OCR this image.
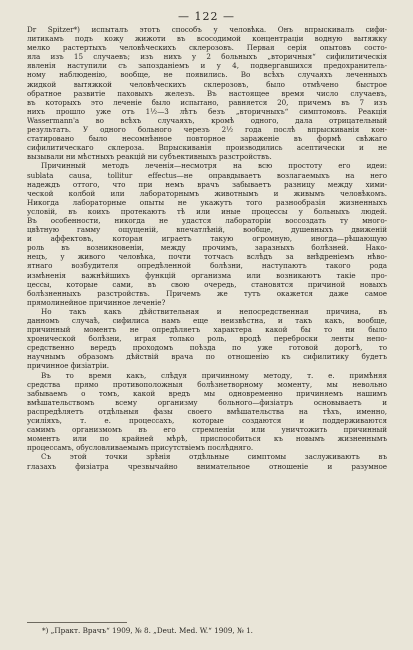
— 122 —
Dr Spitzer*) испыталъ этотъ способъ у человѣка. Онъ впрыскивалъ сифи-
литикамъ подъ кожу жижоти въ всосодимой концентраціи водную вытяжку
мелко растертыхъ человѣческихъ склерозовъ. Первая серія опытовъ состо-
яла изъ 15 случаевъ; изъ нихъ у 2 больныхъ „вторичныя“ сифилитическія
явленія наступили съ запозданіемъ и у 4, подвергавшихся предохранитель-
ному наблюденію, вообще, не появились. Во всѣхъ случаяхъ леченныхъ
жидкой вытяжкой человѣческихъ склерозовъ, было отмѣчено быстрое
обратное развитіе паховыхъ железъ. Въ настоящее время число случаевъ,
въ которыхъ это леченіе было испытано, равняется 20, причемъ въ 7 изъ
нихъ прошло уже отъ 1½—3 лѣтъ безъ „вторичныхъ“ симптомовъ. Реакція
Wassermann'а во всѣхъ случаяхъ, кромѣ одного, дала отрицательный
результатъ. У одного больного черезъ 2½ года послѣ впрыскиванія кон-
статировано было несомнѣнное повторное зараженіе въ формѣ свѣжаго
сифилитическаго склероза. Впрыскиванія производились асептически и не
вызывали ни мѣстныхъ реакцій ни субъективныхъ разстройствъ.
Причинный методъ леченія—несмотря на всю простоту его идеи:
sublata causa, tollitur effectus—не оправдываетъ возлагаемыхъ на него
надеждъ оттого, что при немъ врачъ забываетъ разницу между хими-
ческой колбой или лабораторнымъ животнымъ и живымъ человѣкомъ.
Никогда лабораторные опыты не укажутъ того разнообразія жизненныхъ
условій, въ коихъ протекаютъ тѣ или иные процессы у больныхъ людей.
Въ особенности, никогда не удастся лабораторіи воссоздать ту много-
цвѣтную гамму ощущеній, впечатлѣній, вообще, душевныхъ движеній
и аффектовъ, которая играетъ такую огромную, иногда—рѣшающую
роль въ возникновеніи, между прочимъ, заразныхъ болѣзней. Нако-
нецъ, у живого человѣка, почти тотчасъ вслѣдъ за внѣдреніемъ нѣво-
ятнаго возбудителя опредѣленной болѣзни, наступаютъ такого рода
измѣненія важнѣйшихъ функцій организма или возникаютъ такіе про-
цессы, которые сами, въ свою очередь, становятся причиной новыхъ
болѣзненныхъ разстройствъ. Причемъ же тутъ окажется даже самое
прямолинейное причинное леченіе?
Но такъ какъ дѣйствительная и непосредственная причина, въ
данномъ случаѣ, сифилиса намъ еще неизвѣстна, и такъ какъ, вообще,
причинный моментъ не опредѣляетъ характера какой бы то ни было
хронической болѣзни, играя только роль, вродѣ переброски ленты непо-
средственно вередъ проходомъ поѣзда по уже готовой дорогѣ, то
научнымъ образомъ дѣйствій врача по отношенію къ сифилитику будетъ
причинное физіатріи.
Въ то время какъ, слѣдуя причинному методу, т. е. примѣняя
средства прямо противоположныя болѣзнетворному моменту, мы невольно
забываемъ о томъ, какой вредъ мы одновременно причиняемъ нашимъ
вмѣшательствомъ всему организму больного—физіатръ основываетъ и
распредѣляетъ отдѣльныя фазы своего вмѣшательства на тѣхъ, именно,
усиліяхъ, т. е. процессахъ, которые создаются и поддерживаются
самимъ организмомъ въ его стремленіи или уничтожить причинный
моментъ или по крайней мѣрѣ, приспособиться къ новымъ жизненнымъ
процессамъ, обусловливаемымъ присутствіемъ послѣдняго.
Съ этой точки зрѣнія отдѣльные симптомы заслуживаютъ въ
глазахъ физіатра чрезвычайно внимательное отношеніе и разумное
*) „Практ. Врачъ“ 1909, № 8. „Deut. Med. W.“ 1909, № 1.
